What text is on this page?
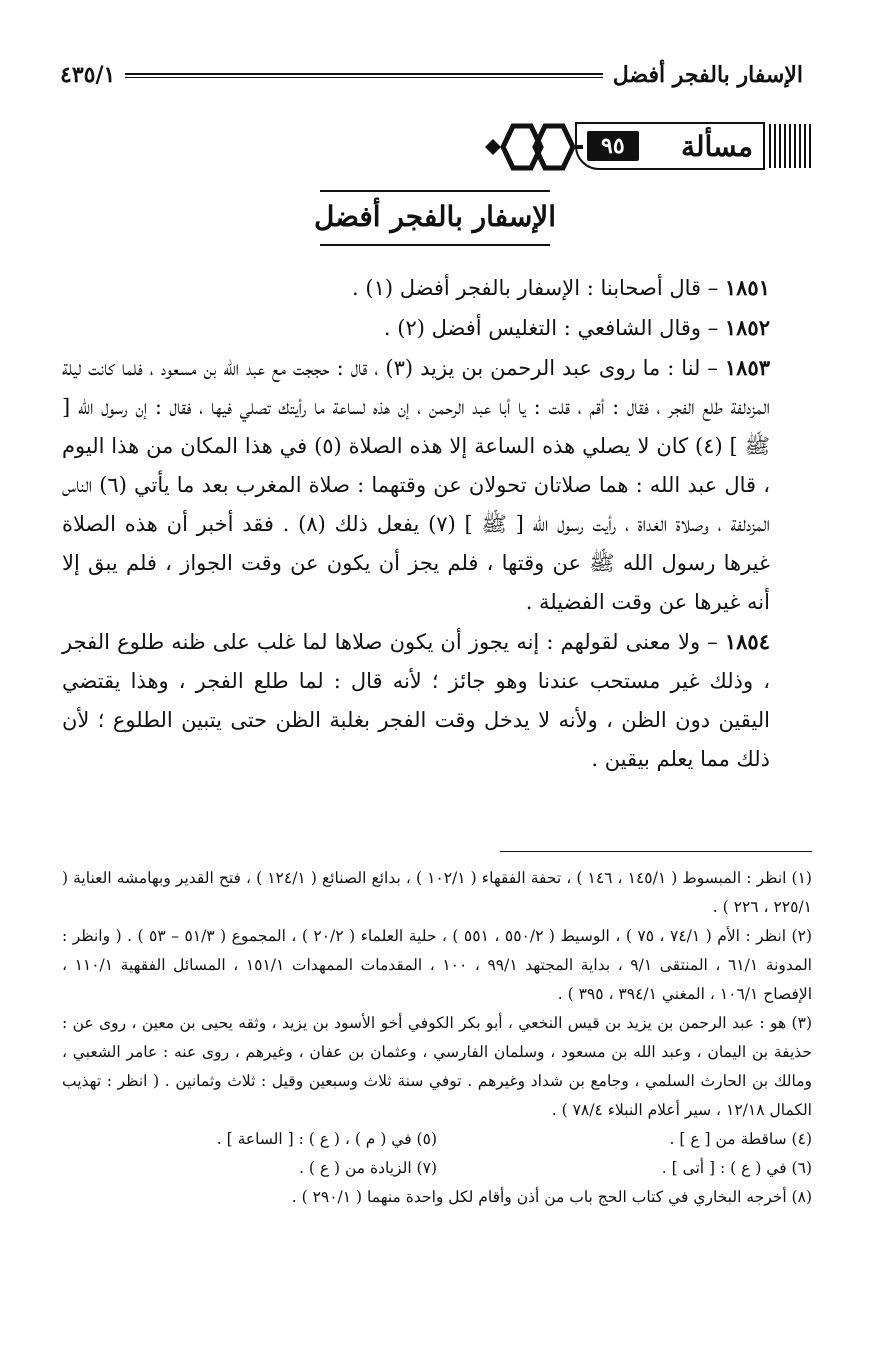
الإسفار بالفجر أفضل
٤٣٥/١
مسألة
٩٥
الإسفار بالفجر أفضل

١٨٥١ – قال أصحابنا : الإسفار بالفجر أفضل (١) .

١٨٥٢ – وقال الشافعي : التغليس أفضل (٢) .

١٨٥٣ – لنا : ما روى عبد الرحمن بن يزيد (٣) ، قال : حججت مع عبد الله بن مسعود ، فلما كانت ليلة المزدلفة طلع الفجر ، فقال : أقم ، قلت : يا أبا عبد الرحمن ، إن هذه لساعة ما رأيتك تصلي فيها ، فقال : إن رسول الله [ ﷺ ] (٤) كان لا يصلي هذه الساعة إلا هذه الصلاة (٥) في هذا المكان من هذا اليوم ، قال عبد الله : هما صلاتان تحولان عن وقتهما : صلاة المغرب بعد ما يأتي (٦) الناس المزدلفة ، وصلاة الغداة ، رأيت رسول الله [ ﷺ ] (٧) يفعل ذلك (٨) . فقد أخبر أن هذه الصلاة غيرها رسول الله ﷺ عن وقتها ، فلم يجز أن يكون عن وقت الجواز ، فلم يبق إلا أنه غيرها عن وقت الفضيلة .

١٨٥٤ – ولا معنى لقولهم : إنه يجوز أن يكون صلاها لما غلب على ظنه طلوع الفجر ، وذلك غير مستحب عندنا وهو جائز ؛ لأنه قال : لما طلع الفجر ، وهذا يقتضي اليقين دون الظن ، ولأنه لا يدخل وقت الفجر بغلبة الظن حتى يتبين الطلوع ؛ لأن ذلك مما يعلم بيقين .

(١) انظر : المبسوط ( ١٤٥/١ ، ١٤٦ ) ، تحفة الفقهاء ( ١٠٢/١ ) ، بدائع الصنائع ( ١٢٤/١ ) ، فتح القدير وبهامشه العناية ( ٢٢٥/١ ، ٢٢٦ ) .

(٢) انظر : الأم ( ٧٤/١ ، ٧٥ ) ، الوسيط ( ٥٥٠/٢ ، ٥٥١ ) ، حلية العلماء ( ٢٠/٢ ) ، المجموع ( ٥١/٣ – ٥٣ ) . ( وانظر : المدونة ٦١/١ ، المنتقى ٩/١ ، بداية المجتهد ٩٩/١ ، ١٠٠ ، المقدمات الممهدات ١٥١/١ ، المسائل الفقهية ١١٠/١ ، الإفصاح ١٠٦/١ ، المغني ٣٩٤/١ ، ٣٩٥ ) .

(٣) هو : عبد الرحمن بن يزيد بن قيس النخعي ، أبو بكر الكوفي أخو الأسود بن يزيد ، وثقه يحيى بن معين ، روى عن : حذيفة بن اليمان ، وعبد الله بن مسعود ، وسلمان الفارسي ، وعثمان بن عفان ، وغيرهم ، روى عنه : عامر الشعبي ، ومالك بن الحارث السلمي ، وجامع بن شداد وغيرهم . توفي سنة ثلاث وسبعين وقيل : ثلاث وثمانين . ( انظر : تهذيب الكمال ١٢/١٨ ، سير أعلام النبلاء ٧٨/٤ ) .

(٤) ساقطة من [ ع ] .
(٥) في ( م ) ، ( ع ) : [ الساعة ] .
(٦) في ( ع ) : [ أتى ] .
(٧) الزيادة من ( ع ) .

(٨) أخرجه البخاري في كتاب الحج باب من أذن وأقام لكل واحدة منهما ( ٢٩٠/١ ) .
